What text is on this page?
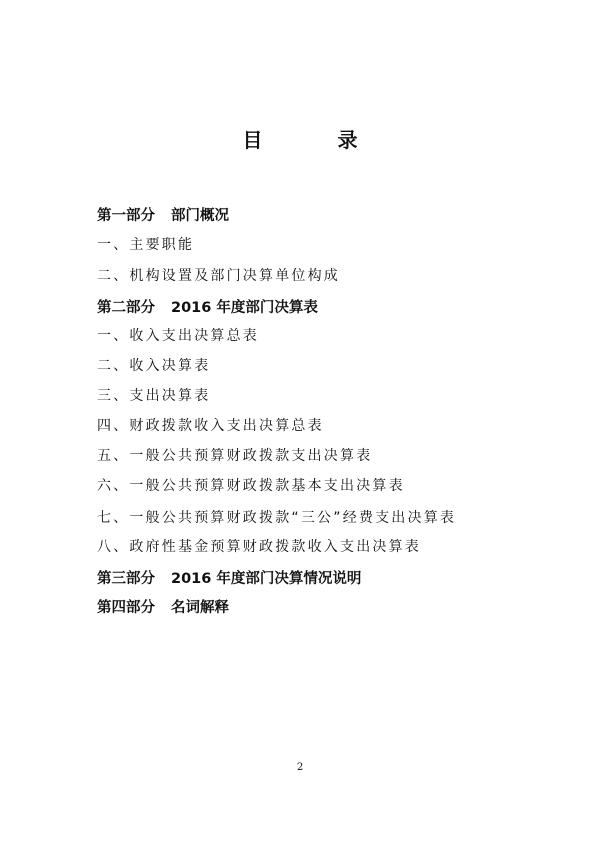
目 录
第一部分 部门概况
一、主要职能
二、机构设置及部门决算单位构成
第二部分 2016 年度部门决算表
一、收入支出决算总表
二、收入决算表
三、支出决算表
四、财政拨款收入支出决算总表
五、一般公共预算财政拨款支出决算表
六、一般公共预算财政拨款基本支出决算表
七、一般公共预算财政拨款“三公”经费支出决算表
八、政府性基金预算财政拨款收入支出决算表
第三部分 2016 年度部门决算情况说明
第四部分 名词解释
2
